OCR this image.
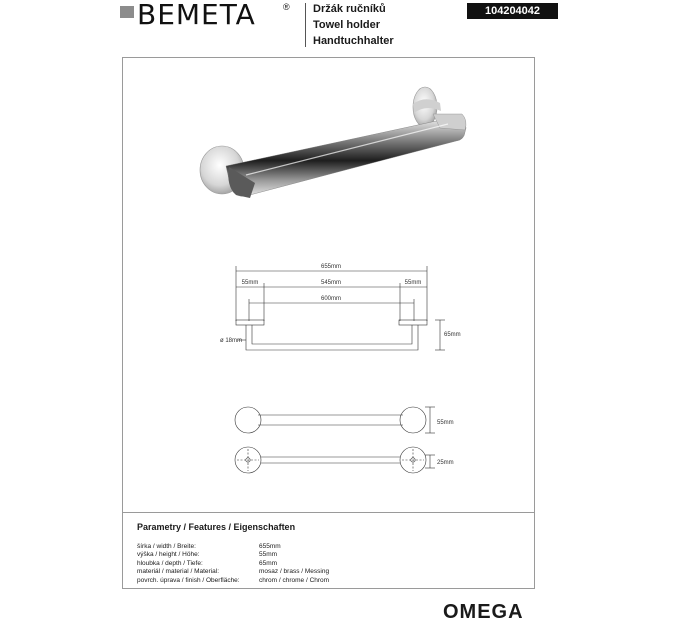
BEMETA	® Držák ručníků
Towel holder
Handtuchhalter
104204042
655mm
55mm	545mm	55mm
600mm
65mm
ø 18mm
55mm
25mm
Parametry / Features / Eigenschaften
šírka / width / Breite:	655mm
výška / height / Höhe:	55mm
hloubka / depth / Tiefe:	65mm
materiál / material / Material:	mosaz / brass / Messing
povrch. úprava / finish / Oberfläche:	chrom / chrome / Chrom
OMEGA
